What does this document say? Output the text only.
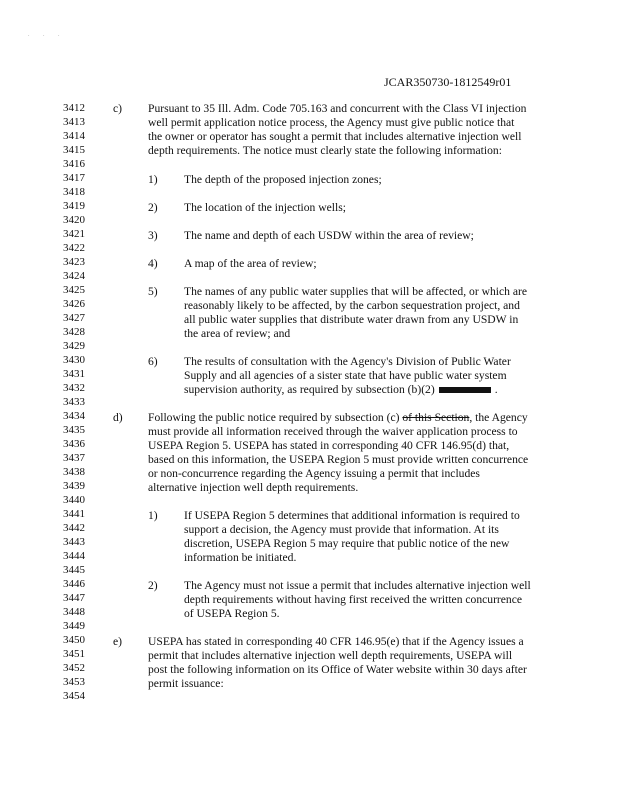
. . .
JCAR350730-1812549r01
3412
3413
3414
3415
3416
3417
3418
3419
3420
3421
3422
3423
3424
3425
3426
3427
3428
3429
3430
3431
3432
3433
3434
3435
3436
3437
3438
3439
3440
3441
3442
3443
3444
3445
3446
3447
3448
3449
3450
3451
3452
3453
3454
c) Pursuant to 35 Ill. Adm. Code 705.163 and concurrent with the Class VI injection
well permit application notice process, the Agency must give public notice that
the owner or operator has sought a permit that includes alternative injection well
depth requirements. The notice must clearly state the following information:
1) The depth of the proposed injection zones;
2) The location of the injection wells;
3) The name and depth of each USDW within the area of review;
4) A map of the area of review;
5) The names of any public water supplies that will be affected, or which are
reasonably likely to be affected, by the carbon sequestration project, and
all public water supplies that distribute water drawn from any USDW in
the area of review; and
6) The results of consultation with the Agency's Division of Public Water
Supply and all agencies of a sister state that have public water system
supervision authority, as required by subsection (b)(2)	.
d) Following the public notice required by subsection (c) of this Section, the Agency
must provide all information received through the waiver application process to
USEPA Region 5. USEPA has stated in corresponding 40 CFR 146.95(d) that,
based on this information, the USEPA Region 5 must provide written concurrence
or non-concurrence regarding the Agency issuing a permit that includes
alternative injection well depth requirements.
1) If USEPA Region 5 determines that additional information is required to
support a decision, the Agency must provide that information. At its
discretion, USEPA Region 5 may require that public notice of the new
information be initiated.
2) The Agency must not issue a permit that includes alternative injection well
depth requirements without having first received the written concurrence
of USEPA Region 5.
e) USEPA has stated in corresponding 40 CFR 146.95(e) that if the Agency issues a
permit that includes alternative injection well depth requirements, USEPA will
post the following information on its Office of Water website within 30 days after
permit issuance:
